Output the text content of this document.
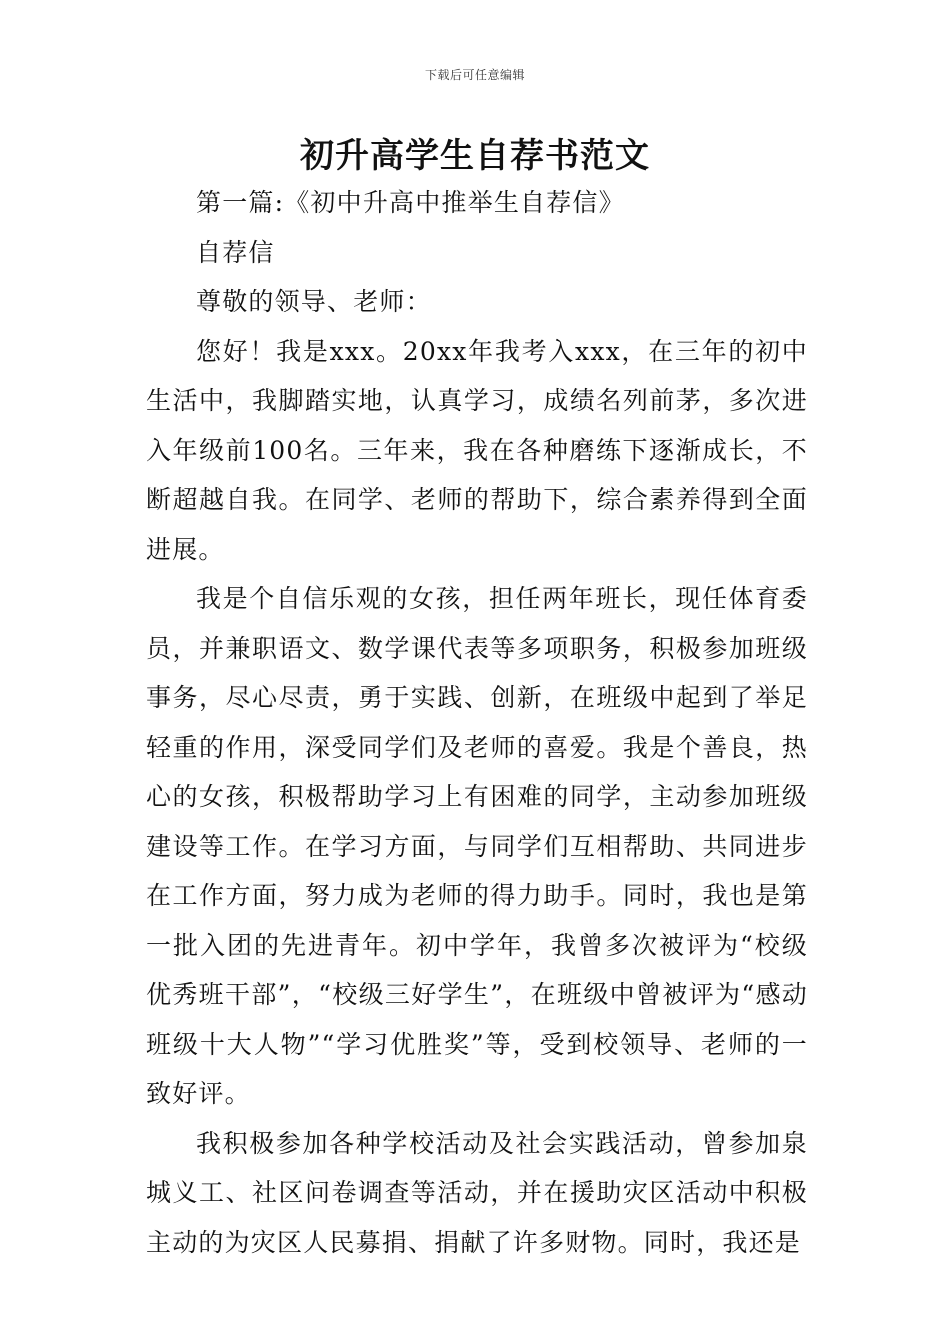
下载后可任意编辑
初升高学生自荐书范文

第一篇:《初中升高中推举生自荐信》

自荐信

尊敬的领导、老师：

您好！我是xxx。20xx年我考入xxx，在三年的初中生活中，我脚踏实地，认真学习，成绩名列前茅，多次进入年级前100名。三年来，我在各种磨练下逐渐成长，不断超越自我。在同学、老师的帮助下，综合素养得到全面进展。

我是个自信乐观的女孩，担任两年班长，现任体育委员，并兼职语文、数学课代表等多项职务，积极参加班级事务，尽心尽责，勇于实践、创新，在班级中起到了举足轻重的作用，深受同学们及老师的喜爱。我是个善良，热心的女孩，积极帮助学习上有困难的同学，主动参加班级建设等工作。在学习方面，与同学们互相帮助、共同进步在工作方面，努力成为老师的得力助手。同时，我也是第一批入团的先进青年。初中学年，我曾多次被评为“校级优秀班干部”，“校级三好学生”，在班级中曾被评为“感动班级十大人物”“学习优胜奖”等，受到校领导、老师的一致好评。

我积极参加各种学校活动及社会实践活动，曾参加泉城义工、社区问卷调查等活动，并在援助灾区活动中积极主动的为灾区人民募捐、捐献了许多财物。同时，我还是
